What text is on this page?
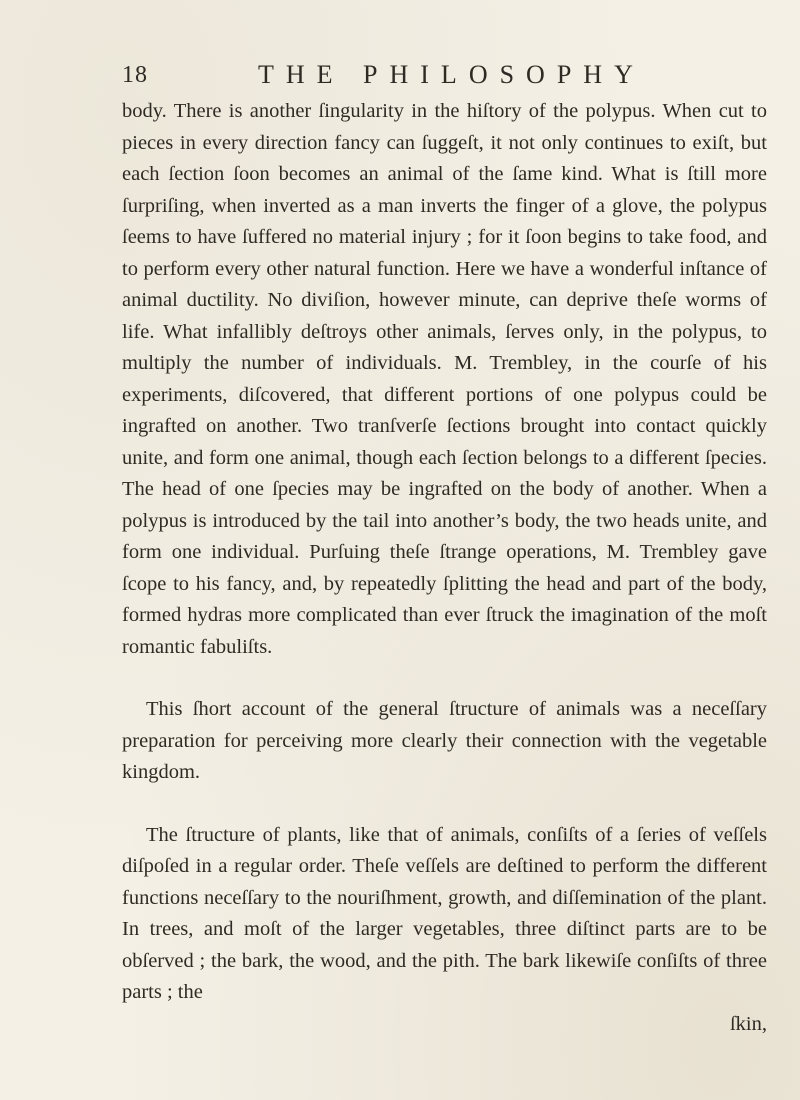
18	THE PHILOSOPHY

body. There is another ſingularity in the hiſtory of the polypus. When cut to pieces in every direction fancy can ſuggeſt, it not only continues to exiſt, but each ſection ſoon becomes an animal of the ſame kind. What is ſtill more ſurpriſing, when inverted as a man inverts the finger of a glove, the polypus ſeems to have ſuffered no material injury ; for it ſoon begins to take food, and to perform every other natural function. Here we have a wonderful inſtance of animal ductility. No diviſion, however minute, can deprive theſe worms of life. What infallibly deſtroys other animals, ſerves only, in the polypus, to multiply the number of individuals. M. Trembley, in the courſe of his experiments, diſcovered, that different portions of one polypus could be ingrafted on another. Two tranſverſe ſections brought into contact quickly unite, and form one animal, though each ſection belongs to a different ſpecies. The head of one ſpecies may be ingrafted on the body of another. When a polypus is introduced by the tail into another’s body, the two heads unite, and form one individual. Purſuing theſe ſtrange operations, M. Trembley gave ſcope to his fancy, and, by repeatedly ſplitting the head and part of the body, formed hydras more complicated than ever ſtruck the imagination of the moſt romantic fabuliſts.

This ſhort account of the general ſtructure of animals was a neceſſary preparation for perceiving more clearly their connection with the vegetable kingdom.

The ſtructure of plants, like that of animals, conſiſts of a ſeries of veſſels diſpoſed in a regular order. Theſe veſſels are deſtined to perform the different functions neceſſary to the nouriſhment, growth, and diſſemination of the plant. In trees, and moſt of the larger vegetables, three diſtinct parts are to be obſerved ; the bark, the wood, and the pith. The bark likewiſe conſiſts of three parts ; the

ſkin,
